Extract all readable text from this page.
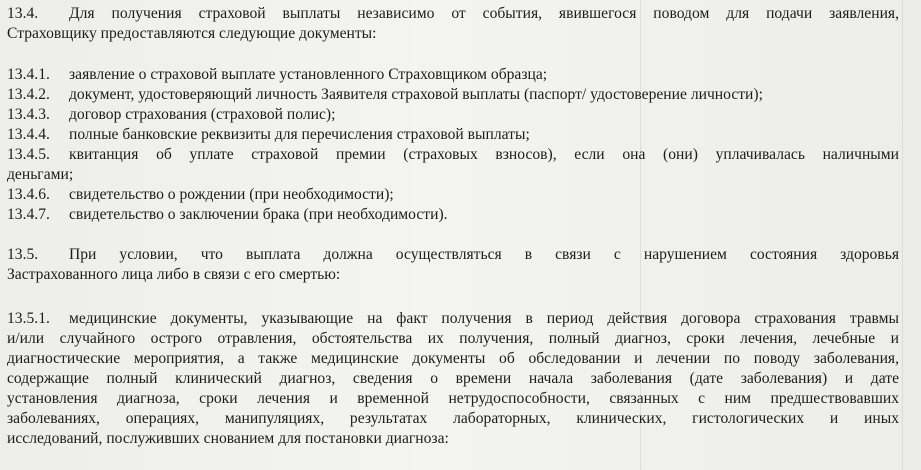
13.4.	Для получения страховой выплаты независимо от события, явившегося поводом для подачи заявления,
Страховщику предоставляются следующие документы:
13.4.1.	заявление о страховой выплате установленного Страховщиком образца;
13.4.2.	документ, удостоверяющий личность Заявителя страховой выплаты (паспорт/ удостоверение личности);
13.4.3.	договор страхования (страховой полис);
13.4.4.	полные банковские реквизиты для перечисления страховой выплаты;
13.4.5.	квитанция об уплате страховой премии (страховых взносов), если она (они) уплачивалась наличными
деньгами;
13.4.6.	свидетельство о рождении (при необходимости);
13.4.7.	свидетельство о заключении брака (при необходимости).
13.5.	При условии, что выплата должна осуществляться в связи с нарушением состояния здоровья
Застрахованного лица либо в связи с его смертью:
13.5.1.	медицинские документы, указывающие на факт получения в период действия договора страхования травмы
и/или случайного острого отравления, обстоятельства их получения, полный диагноз, сроки лечения, лечебные и
диагностические мероприятия, а также медицинские документы об обследовании и лечении по поводу заболевания,
содержащие полный клинический диагноз, сведения о времени начала заболевания (дате заболевания) и дате
установления диагноза, сроки лечения и временной нетрудоспособности, связанных с ним предшествовавших
заболеваниях, операциях, манипуляциях, результатах лабораторных, клинических, гистологических и иных
исследований, послуживших снованием для постановки диагноза:
